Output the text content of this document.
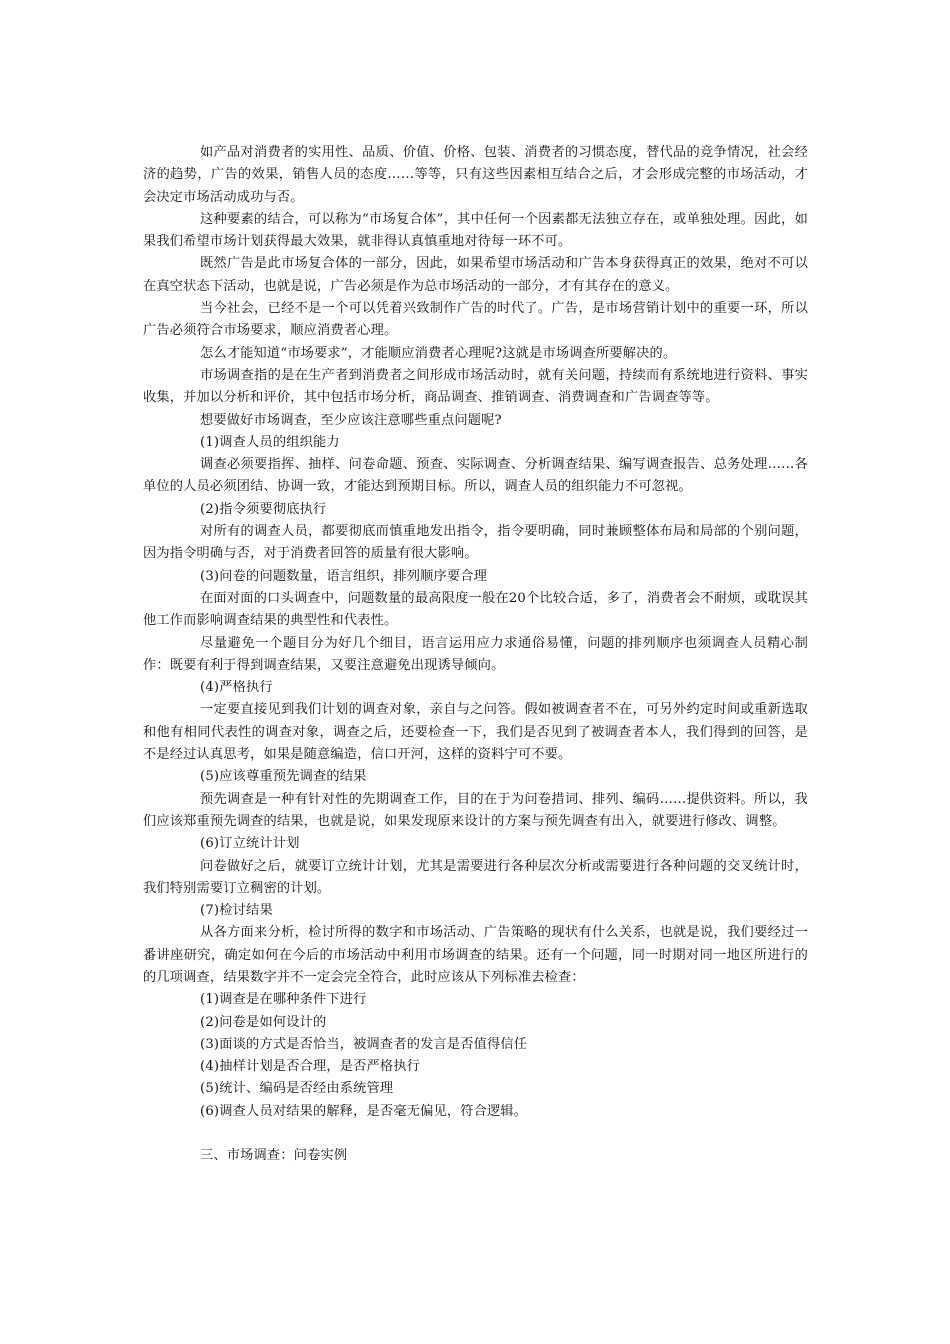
如产品对消费者的实用性、品质、价值、价格、包装、消费者的习惯态度，替代品的竞争情况，社会经济的趋势，广告的效果，销售人员的态度……等等，只有这些因素相互结合之后，才会形成完整的市场活动，才会决定市场活动成功与否。

这种要素的结合，可以称为“市场复合体”，其中任何一个因素都无法独立存在，或单独处理。因此，如果我们希望市场计划获得最大效果，就非得认真慎重地对待每一环不可。

既然广告是此市场复合体的一部分，因此，如果希望市场活动和广告本身获得真正的效果，绝对不可以在真空状态下活动，也就是说，广告必须是作为总市场活动的一部分，才有其存在的意义。

当今社会，已经不是一个可以凭着兴致制作广告的时代了。广告，是市场营销计划中的重要一环，所以广告必须符合市场要求，顺应消费者心理。

怎么才能知道“市场要求”，才能顺应消费者心理呢?这就是市场调查所要解决的。

市场调查指的是在生产者到消费者之间形成市场活动时，就有关问题，持续而有系统地进行资料、事实收集，并加以分析和评价，其中包括市场分析，商品调查、推销调查、消费调查和广告调查等等。

想要做好市场调查，至少应该注意哪些重点问题呢?

(1)调查人员的组织能力

调查必须要指挥、抽样、问卷命题、预查、实际调查、分析调查结果、编写调查报告、总务处理……各单位的人员必须团结、协调一致，才能达到预期目标。所以，调查人员的组织能力不可忽视。

(2)指令须要彻底执行

对所有的调查人员，都要彻底而慎重地发出指令，指令要明确，同时兼顾整体布局和局部的个别问题，因为指令明确与否，对于消费者回答的质量有很大影响。

(3)问卷的问题数量，语言组织，排列顺序要合理

在面对面的口头调查中，问题数量的最高限度一般在20个比较合适，多了，消费者会不耐烦，或耽误其他工作而影响调查结果的典型性和代表性。

尽量避免一个题目分为好几个细目，语言运用应力求通俗易懂，问题的排列顺序也须调查人员精心制作：既要有利于得到调查结果，又要注意避免出现诱导倾向。

(4)严格执行

一定要直接见到我们计划的调查对象，亲自与之问答。假如被调查者不在，可另外约定时间或重新选取和他有相同代表性的调查对象，调查之后，还要检查一下，我们是否见到了被调查者本人，我们得到的回答，是不是经过认真思考，如果是随意编造，信口开河，这样的资料宁可不要。

(5)应该尊重预先调查的结果

预先调查是一种有针对性的先期调查工作，目的在于为问卷措词、排列、编码……提供资料。所以，我们应该郑重预先调查的结果，也就是说，如果发现原来设计的方案与预先调查有出入，就要进行修改、调整。

(6)订立统计计划

问卷做好之后，就要订立统计计划，尤其是需要进行各种层次分析或需要进行各种问题的交叉统计时，我们特别需要订立稠密的计划。

(7)检讨结果

从各方面来分析，检讨所得的数字和市场活动、广告策略的现状有什么关系，也就是说，我们要经过一番讲座研究，确定如何在今后的市场活动中利用市场调查的结果。还有一个问题，同一时期对同一地区所进行的的几项调查，结果数字并不一定会完全符合，此时应该从下列标准去检查：

(1)调查是在哪种条件下进行

(2)问卷是如何设计的

(3)面谈的方式是否恰当，被调查者的发言是否值得信任

(4)抽样计划是否合理，是否严格执行

(5)统计、编码是否经由系统管理

(6)调查人员对结果的解释，是否毫无偏见，符合逻辑。

三、市场调查：问卷实例
